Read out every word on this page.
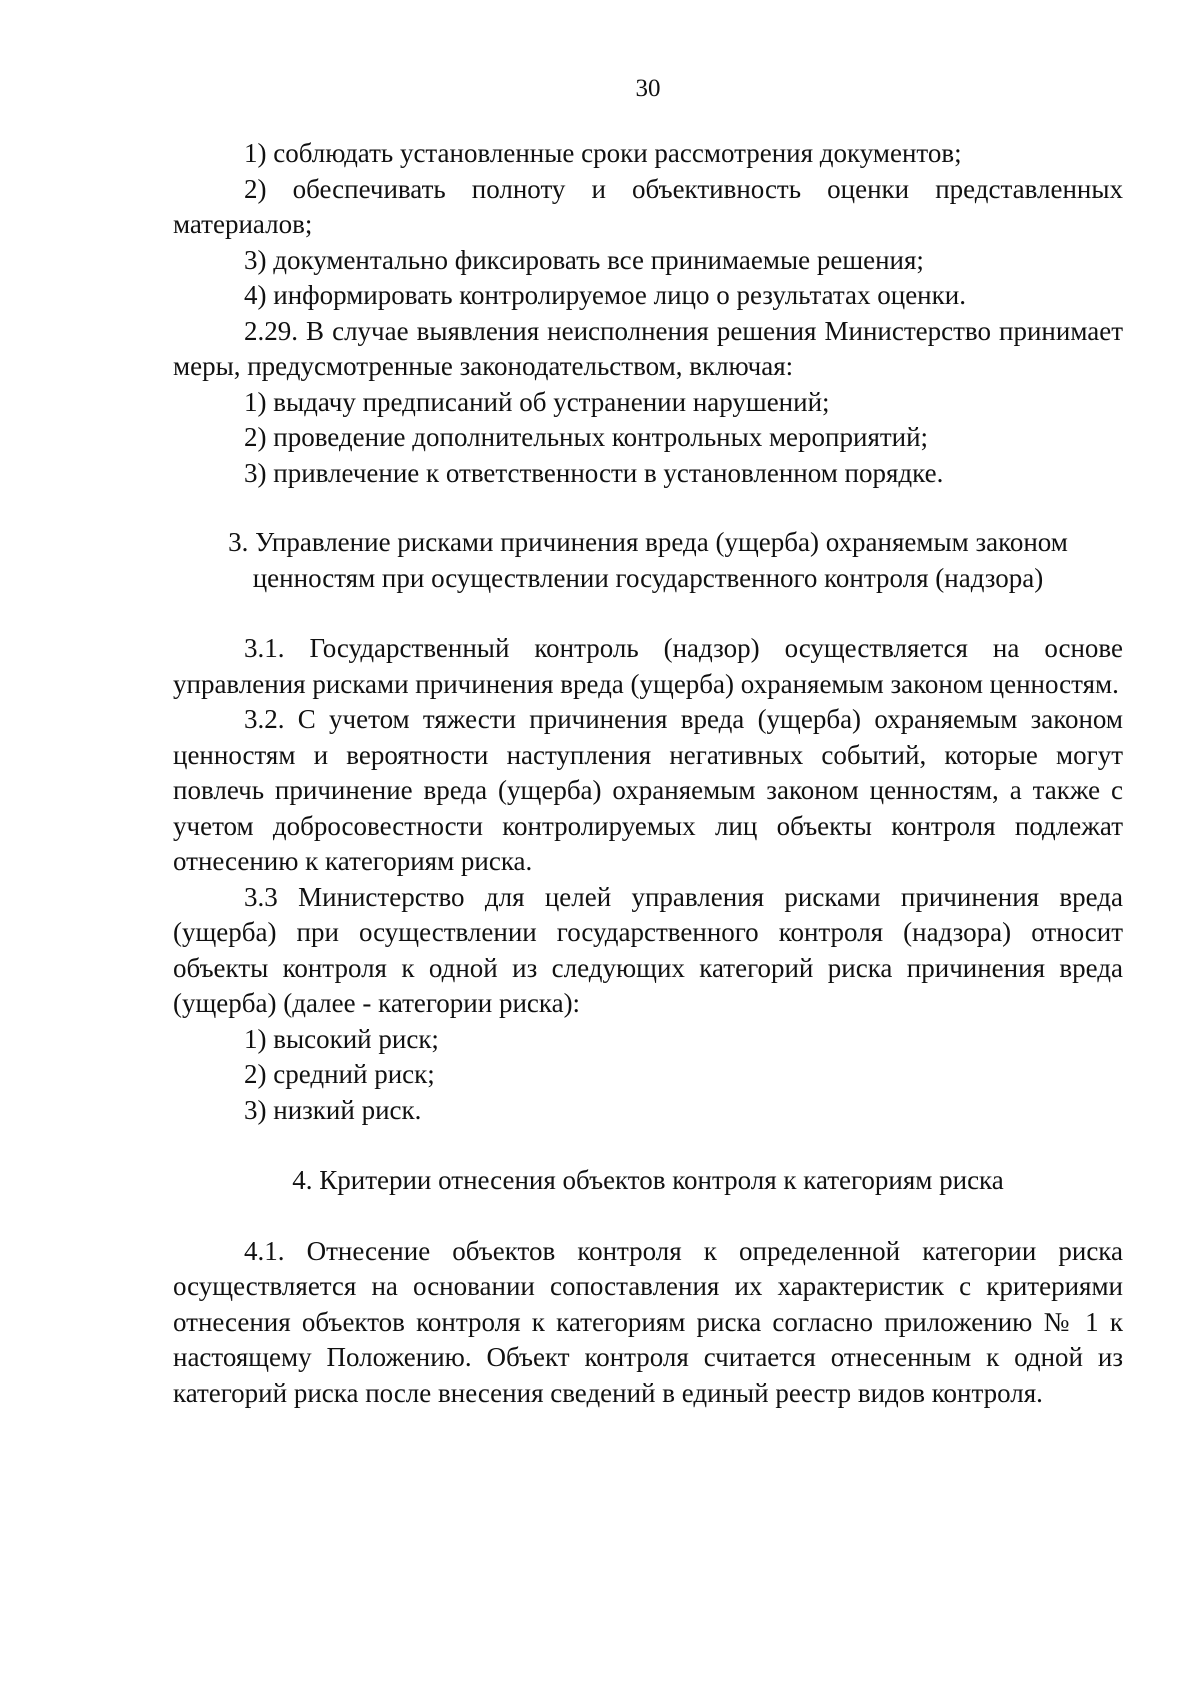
30

1) соблюдать установленные сроки рассмотрения документов;

2) обеспечивать полноту и объективность оценки представленных материалов;

3) документально фиксировать все принимаемые решения;

4) информировать контролируемое лицо о результатах оценки.

2.29. В случае выявления неисполнения решения Министерство принимает меры, предусмотренные законодательством, включая:

1) выдачу предписаний об устранении нарушений;

2) проведение дополнительных контрольных мероприятий;

3) привлечение к ответственности в установленном порядке.

3. Управление рисками причинения вреда (ущерба) охраняемым законом ценностям при осуществлении государственного контроля (надзора)

3.1. Государственный контроль (надзор) осуществляется на основе управления рисками причинения вреда (ущерба) охраняемым законом ценностям.

3.2. С учетом тяжести причинения вреда (ущерба) охраняемым законом ценностям и вероятности наступления негативных событий, которые могут повлечь причинение вреда (ущерба) охраняемым законом ценностям, а также с учетом добросовестности контролируемых лиц объекты контроля подлежат отнесению к категориям риска.

3.3 Министерство для целей управления рисками причинения вреда (ущерба) при осуществлении государственного контроля (надзора) относит объекты контроля к одной из следующих категорий риска причинения вреда (ущерба) (далее - категории риска):

1) высокий риск;

2) средний риск;

3) низкий риск.

4. Критерии отнесения объектов контроля к категориям риска

4.1. Отнесение объектов контроля к определенной категории риска осуществляется на основании сопоставления их характеристик с критериями отнесения объектов контроля к категориям риска согласно приложению № 1 к настоящему Положению. Объект контроля считается отнесенным к одной из категорий риска после внесения сведений в единый реестр видов контроля.
